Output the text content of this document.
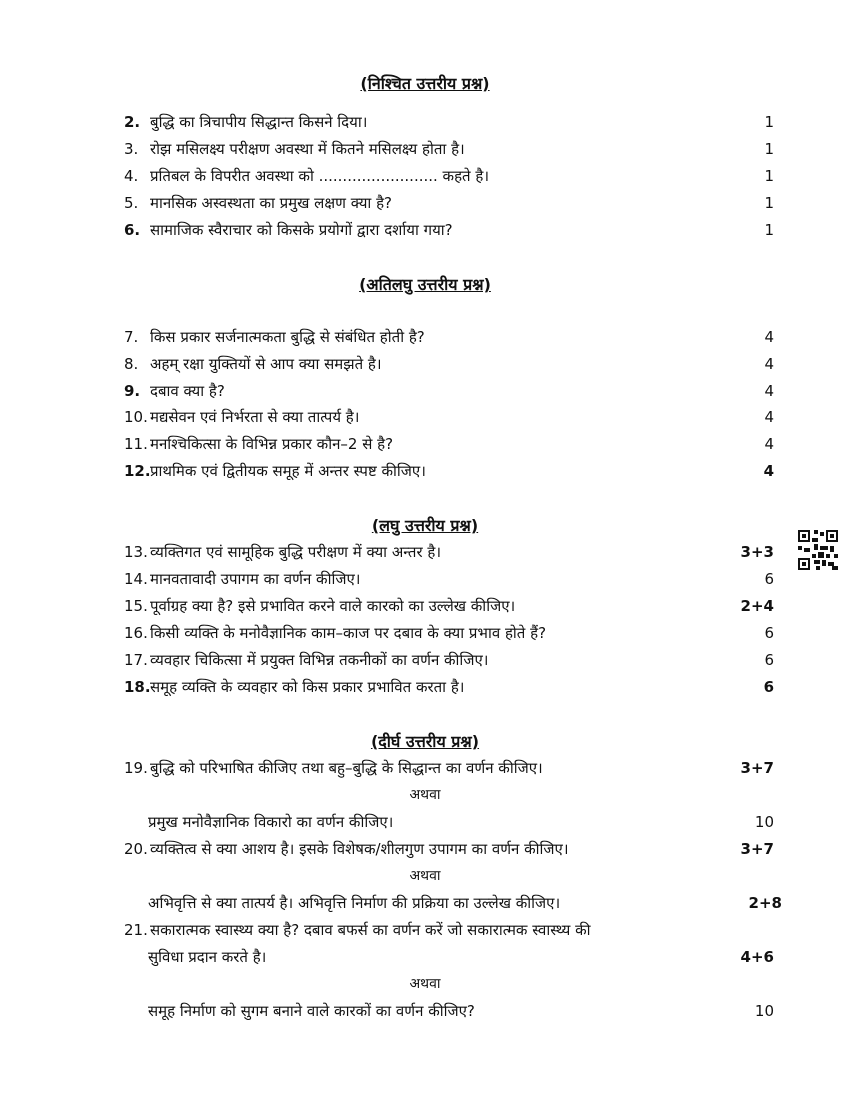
(निश्चित उत्तरीय प्रश्न)
2. बुद्धि का त्रिचापीय सिद्धान्त किसने दिया।	1
3. रोझ मसिलक्ष्य परीक्षण अवस्था में कितने मसिलक्ष्य होता है।	1
4. प्रतिबल के विपरीत अवस्था को ......................... कहते है।	1
5. मानसिक अस्वस्थता का प्रमुख लक्षण क्या है?	1
6. सामाजिक स्वैराचार को किसके प्रयोगों द्वारा दर्शाया गया?	1
(अतिलघु उत्तरीय प्रश्न)
7. किस प्रकार सर्जनात्मकता बुद्धि से संबंधित होती है?	4
8. अहम् रक्षा युक्तियों से आप क्या समझते है।	4
9. दबाव क्या है?	4
10. मद्यसेवन एवं निर्भरता से क्या तात्पर्य है।	4
11. मनश्चिकित्सा के विभिन्न प्रकार कौन–2 से है?	4
12. प्राथमिक एवं द्वितीयक समूह में अन्तर स्पष्ट कीजिए।	4
(लघु उत्तरीय प्रश्न)
13. व्यक्तिगत एवं सामूहिक बुद्धि परीक्षण में क्या अन्तर है।	3+3
14. मानवतावादी उपागम का वर्णन कीजिए।	6
15. पूर्वाग्रह क्या है? इसे प्रभावित करने वाले कारको का उल्लेख कीजिए।	2+4
16. किसी व्यक्ति के मनोवैज्ञानिक काम–काज पर दबाव के क्या प्रभाव होते हैं?	6
17. व्यवहार चिकित्सा में प्रयुक्त विभिन्न तकनीकों का वर्णन कीजिए।	6
18. समूह व्यक्ति के व्यवहार को किस प्रकार प्रभावित करता है।	6
(दीर्घ उत्तरीय प्रश्न)
19. बुद्धि को परिभाषित कीजिए तथा बहु–बुद्धि के सिद्धान्त का वर्णन कीजिए।	3+7
अथवा
प्रमुख मनोवैज्ञानिक विकारो का वर्णन कीजिए।	10
20. व्यक्तित्व से क्या आशय है। इसके विशेषक/शीलगुण उपागम का वर्णन कीजिए।	3+7
अथवा
अभिवृत्ति से क्या तात्पर्य है। अभिवृत्ति निर्माण की प्रक्रिया का उल्लेख कीजिए।	2+8
21. सकारात्मक स्वास्थ्य क्या है? दबाव बफर्स का वर्णन करें जो सकारात्मक स्वास्थ्य की
सुविधा प्रदान करते है।	4+6
अथवा
समूह निर्माण को सुगम बनाने वाले कारकों का वर्णन कीजिए?	10
